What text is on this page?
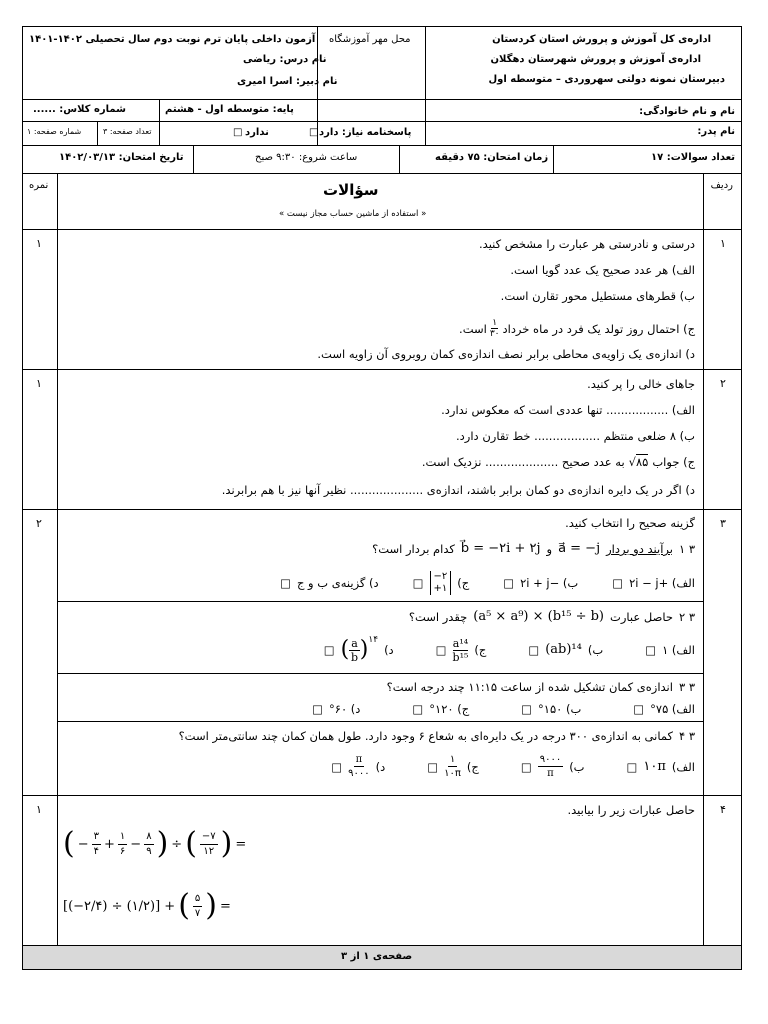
اداره‌ی کل آموزش و پرورش استان کردستان
اداره‌ی آموزش و پرورش شهرستان دهگلان
دبیرستان نمونه دولتی سهروردی – متوسطه اول
محل مهر آموزشگاه
آزمون داخلی پایان ترم نوبت دوم سال تحصیلی ۱۴۰۲-۱۴۰۱
نام درس: ریاضی
نام دبیر: اسرا امیری
نام و نام خانوادگی:
نام پدر:
پایه: متوسطه اول - هشتم
شماره کلاس: ......
پاسخنامه نیاز: دارد
□
ندارد
□
تعداد صفحه: ۳
شماره صفحه: ۱
تعداد سوالات: ۱۷
زمان امتحان: ۷۵ دقیقه
ساعت شروع: ۹:۳۰ صبح
تاریخ امتحان: ۱۴۰۲/۰۳/۱۳
ردیف
نمره	سؤالات
« استفاده از ماشین حساب مجاز نیست »
۱
۱	درستی و نادرستی هر عبارت را مشخص کنید.
الف) هر عدد صحیح یک عدد گویا است.
ب) قطرهای مستطیل محور تقارن است.
ج) احتمال روز تولد یک فرد در ماه خرداد
۱
۳۰
است.
د) اندازه‌ی یک زاویه‌ی محاطی برابر نصف اندازه‌ی کمان روبروی آن زاویه است.
۲
۱	جاهای خالی را پر کنید.
الف) ................. تنها عددی است که معکوس ندارد.
ب) ۸ ضلعی منتظم .................. خط تقارن دارد.
ج) جواب
√۸۵
به عدد صحیح .................... نزدیک است.
د) اگر در یک دایره اندازه‌ی دو کمان برابر باشند، اندازه‌ی .................... نظیر آنها نیز با هم برابرند.
۳
۲	گزینه صحیح را انتخاب کنید.
۳ ۱
برآیند دو بردار
a⃗ = −j
و
b⃗ = −۲i + ۲j
کدام بردار است؟
الف) +۲i − j
□
ب) −۲i + j
□
ج)
−۲
+۱
□
د) گزینه‌ی ب و ج
□
۳ ۲
حاصل عبارت
(a⁵ × a⁹) × (b¹⁵ ÷ b)
چقدر است؟
الف) ۱
□
ب)
(ab)¹⁴
□
ج)
$\frac{\text{a¹⁴}}{\text{b¹⁵}}$
□
د)
( $\frac{a}{b}$ ) ۱۴
□
۳ ۳
اندازه‌ی کمان تشکیل شده از ساعت ۱۱:۱۵ چند درجه است؟
الف) ۷۵°
□
ب) ۱۵۰°
□
ج) ۱۲۰°
□
د) ۶۰°
□
۳ ۴
کمانی به اندازه‌ی ۳۰۰ درجه در یک دایره‌ای به شعاع ۶ وجود دارد. طول همان کمان چند سانتی‌متر است؟
الف)
۱۰π
□
ب)
۹۰۰۰
π
□
ج)
۱
۱۰π
□
د)
π
۹۰۰۰
□
۴
۱	حاصل عبارات زیر را بیابید.
( −
۳
۴ +
۱
۶ −
۸
۹ ) ÷ ( −۷
۱۲ ) =
[(−۲/۴) ÷ (۱/۲)] + ( ۵
۷ ) =
صفحه‌ی ۱ از ۳
